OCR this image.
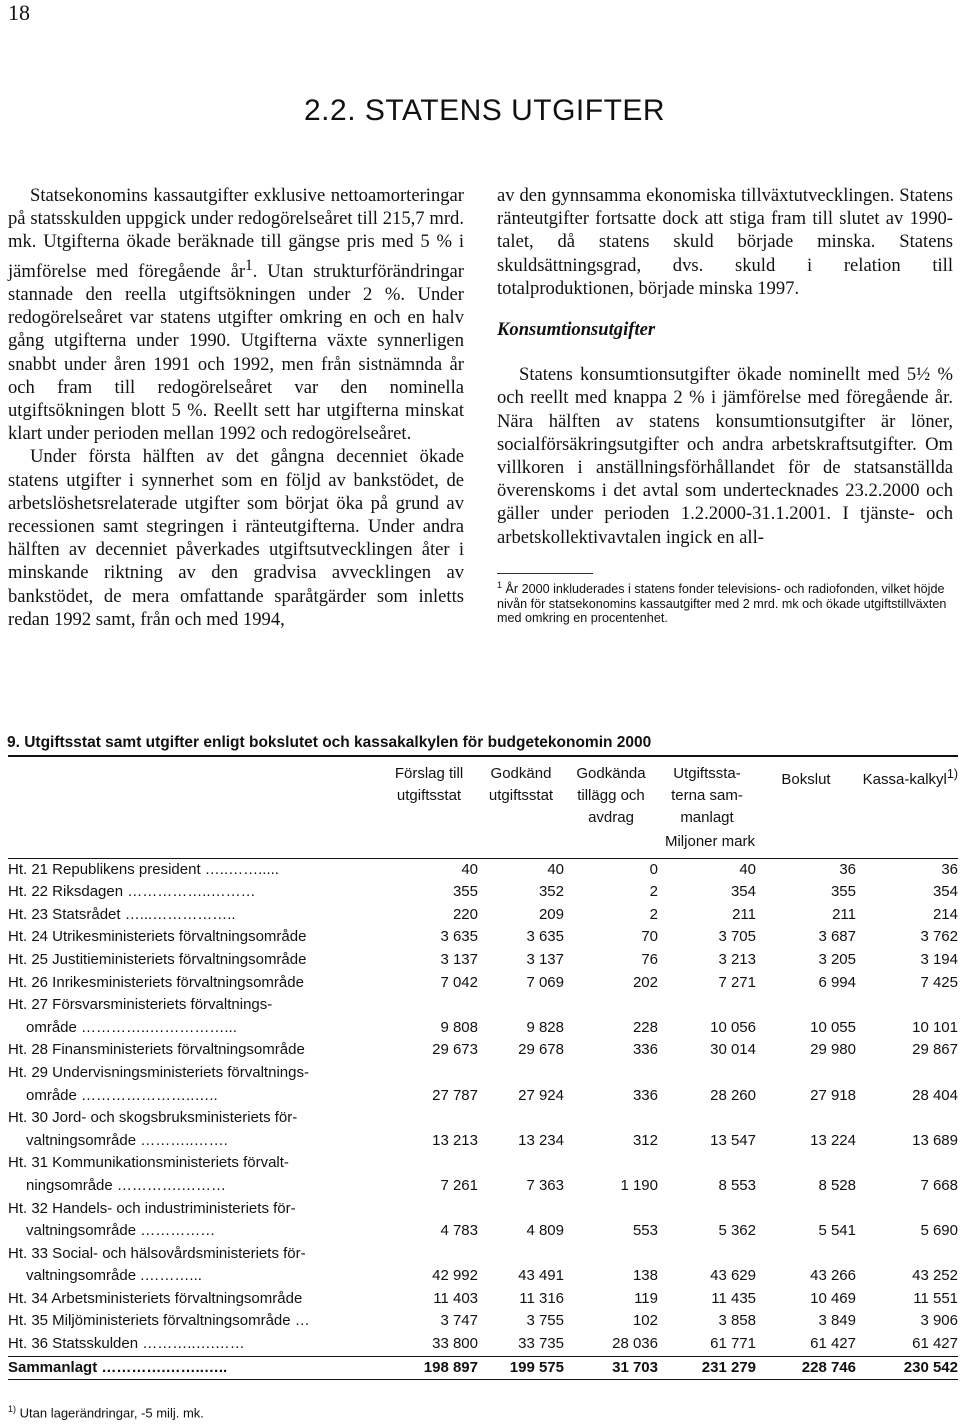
18
2.2. STATENS UTGIFTER

Statsekonomins kassautgifter exklusive nettoamorteringar på statsskulden uppgick under redogörelseåret till 215,7 mrd. mk. Utgifterna ökade beräknade till gängse pris med 5 % i jämförelse med föregående $år^1$. Utan strukturförändringar stannade den reella utgiftsökningen under 2 %. Under redogörelseåret var statens utgifter omkring en och en halv gång utgifterna under 1990. Utgifterna växte synnerligen snabbt under åren 1991 och 1992, men från sistnämnda år och fram till redogörelseåret var den nominella utgiftsökningen blott 5 %. Reellt sett har utgifterna minskat klart under perioden mellan 1992 och redogörelseåret.

Under första hälften av det gångna decenniet ökade statens utgifter i synnerhet som en följd av bankstödet, de arbetslöshetsrelaterade utgifter som börjat öka på grund av recessionen samt stegringen i ränteutgifterna. Under andra hälften av decenniet påverkades utgiftsutvecklingen åter i minskande riktning av den gradvisa avvecklingen av bankstödet, de mera omfattande sparåtgärder som inletts redan 1992 samt, från och med 1994,

av den gynnsamma ekonomiska tillväxtutvecklingen. Statens ränteutgifter fortsatte dock att stiga fram till slutet av 1990-talet, då statens skuld började minska. Statens skuldsättningsgrad, dvs. skuld i relation till totalproduktionen, började minska 1997.

Konsumtionsutgifter

Statens konsumtionsutgifter ökade nominellt med 5½ % och reellt med knappa 2 % i jämförelse med föregående år. Nära hälften av statens konsumtionsutgifter är löner, socialförsäkringsutgifter och andra arbetskraftsutgifter. Om villkoren i anställningsförhållandet för de statsanställda överenskoms i det avtal som undertecknades 23.2.2000 och gäller under perioden 1.2.2000-31.1.2001. I tjänste- och arbetskollektivavtalen ingick en all-

$^1$ År 2000 inkluderades i statens fonder televisions- och radiofonden, vilket höjde nivån för statsekonomins kassautgifter med 2 mrd. mk och ökade utgiftstillväxten med omkring en procentenhet.
9. Utgiftsstat samt utgifter enligt bokslutet och kassakalkylen för budgetekonomin 2000
	Förslag till utgiftsstat	Godkänd utgiftsstat	Godkända tillägg och avdrag	Utgiftssta-terna sam-manlagt	Bokslut	Kassa-kalkyl$^{1)}$
			Miljoner mark			

Ht. 21 Republikens president …..…….....	40	40	0	40	36	36
Ht. 22 Riksdagen ……………..………	355	352	2	354	355	354
Ht. 23 Statsrådet …...……………..	220	209	2	211	211	214
Ht. 24 Utrikesministeriets förvaltningsområde	3 635	3 635	70	3 705	3 687	3 762
Ht. 25 Justitieministeriets förvaltningsområde	3 137	3 137	76	3 213	3 205	3 194
Ht. 26 Inrikesministeriets förvaltningsområde	7 042	7 069	202	7 271	6 994	7 425
Ht. 27 Försvarsministeriets förvaltnings-						
område …………..……………...	9 808	9 828	228	10 056	10 055	10 101
Ht. 28 Finansministeriets förvaltningsområde	29 673	29 678	336	30 014	29 980	29 867
Ht. 29 Undervisningsministeriets förvaltnings-						
område …………………..…..	27 787	27 924	336	28 260	27 918	28 404
Ht. 30 Jord- och skogsbruksministeriets för-						
valtningsområde ………..…….	13 213	13 234	312	13 547	13 224	13 689
Ht. 31 Kommunikationsministeriets förvalt-						
ningsområde ………….………	7 261	7 363	1 190	8 553	8 528	7 668
Ht. 32 Handels- och industriministeriets för-						
valtningsområde ……………	4 783	4 809	553	5 362	5 541	5 690
Ht. 33 Social- och hälsovårdsministeriets för-						
valtningsområde .………...	42 992	43 491	138	43 629	43 266	43 252
Ht. 34 Arbetsministeriets förvaltningsområde	11 403	11 316	119	11 435	10 469	11 551
Ht. 35 Miljöministeriets förvaltningsområde …	3 747	3 755	102	3 858	3 849	3 906
Ht. 36 Statsskulden ………..….……	33 800	33 735	28 036	61 771	61 427	61 427
Sammanlagt ………….……..…..	198 897	199 575	31 703	231 279	228 746	230 542
$^{1)}$ Utan lagerändringar, -5 milj. mk.
